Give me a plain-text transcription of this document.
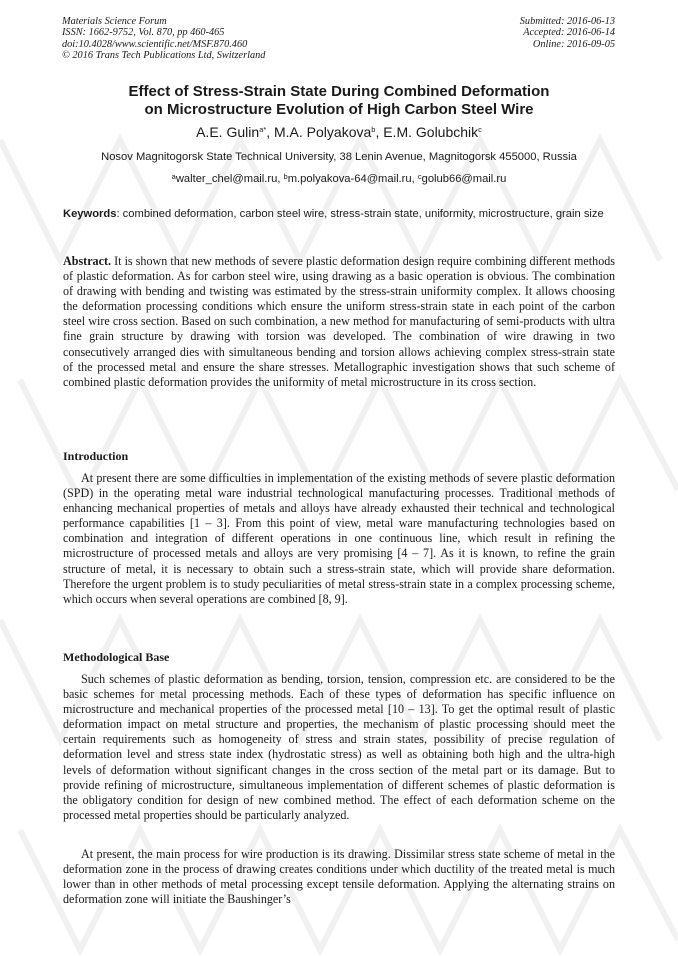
Materials Science Forum
ISSN: 1662-9752, Vol. 870, pp 460-465
doi:10.4028/www.scientific.net/MSF.870.460
© 2016 Trans Tech Publications Ltd, Switzerland
Submitted: 2016-06-13
Accepted: 2016-06-14
Online: 2016-09-05
Effect of Stress-Strain State During Combined Deformation
on Microstructure Evolution of High Carbon Steel Wire
A.E. Gulin$^{a*}$, M.A. Polyakova$^b$, E.M. Golubchik$^c$
Nosov Magnitogorsk State Technical University, 38 Lenin Avenue, Magnitogorsk 455000, Russia
$^a$walter_chel@mail.ru, $^b$m.polyakova-64@mail.ru, $^c$golub66@mail.ru
Keywords: combined deformation, carbon steel wire, stress-strain state, uniformity, microstructure, grain size
Abstract. It is shown that new methods of severe plastic deformation design require combining different methods of plastic deformation. As for carbon steel wire, using drawing as a basic operation is obvious. The combination of drawing with bending and twisting was estimated by the stress-strain uniformity complex. It allows choosing the deformation processing conditions which ensure the uniform stress-strain state in each point of the carbon steel wire cross section. Based on such combination, a new method for manufacturing of semi-products with ultra fine grain structure by drawing with torsion was developed. The combination of wire drawing in two consecutively arranged dies with simultaneous bending and torsion allows achieving complex stress-strain state of the processed metal and ensure the share stresses. Metallographic investigation shows that such scheme of combined plastic deformation provides the uniformity of metal microstructure in its cross section.
Introduction
At present there are some difficulties in implementation of the existing methods of severe plastic deformation (SPD) in the operating metal ware industrial technological manufacturing processes. Traditional methods of enhancing mechanical properties of metals and alloys have already exhausted their technical and technological performance capabilities [1 – 3]. From this point of view, metal ware manufacturing technologies based on combination and integration of different operations in one continuous line, which result in refining the microstructure of processed metals and alloys are very promising [4 – 7]. As it is known, to refine the grain structure of metal, it is necessary to obtain such a stress-strain state, which will provide share deformation. Therefore the urgent problem is to study peculiarities of metal stress-strain state in a complex processing scheme, which occurs when several operations are combined [8, 9].
Methodological Base
Such schemes of plastic deformation as bending, torsion, tension, compression etc. are considered to be the basic schemes for metal processing methods. Each of these types of deformation has specific influence on microstructure and mechanical properties of the processed metal [10 – 13]. To get the optimal result of plastic deformation impact on metal structure and properties, the mechanism of plastic processing should meet the certain requirements such as homogeneity of stress and strain states, possibility of precise regulation of deformation level and stress state index (hydrostatic stress) as well as obtaining both high and the ultra-high levels of deformation without significant changes in the cross section of the metal part or its damage. But to provide refining of microstructure, simultaneous implementation of different schemes of plastic deformation is the obligatory condition for design of new combined method. The effect of each deformation scheme on the processed metal properties should be particularly analyzed.
At present, the main process for wire production is its drawing. Dissimilar stress state scheme of metal in the deformation zone in the process of drawing creates conditions under which ductility of the treated metal is much lower than in other methods of metal processing except tensile deformation. Applying the alternating strains on deformation zone will initiate the Baushinger’s
